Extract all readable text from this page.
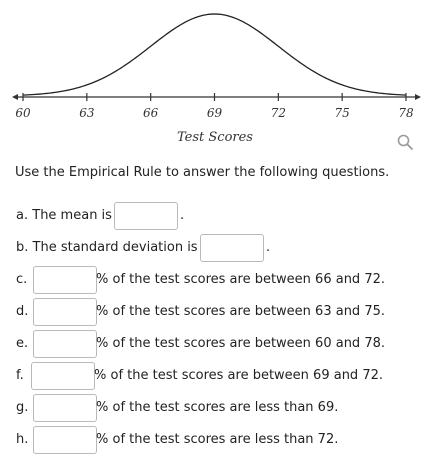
60	63	66	69	72	75	78
Test Scores
Use the Empirical Rule to answer the following questions.
a. The mean is	.
b. The standard deviation is	.
c.	% of the test scores are between 66 and 72.
d.	% of the test scores are between 63 and 75.
e.	% of the test scores are between 60 and 78.
f.	% of the test scores are between 69 and 72.
g.	% of the test scores are less than 69.
h.	% of the test scores are less than 72.
